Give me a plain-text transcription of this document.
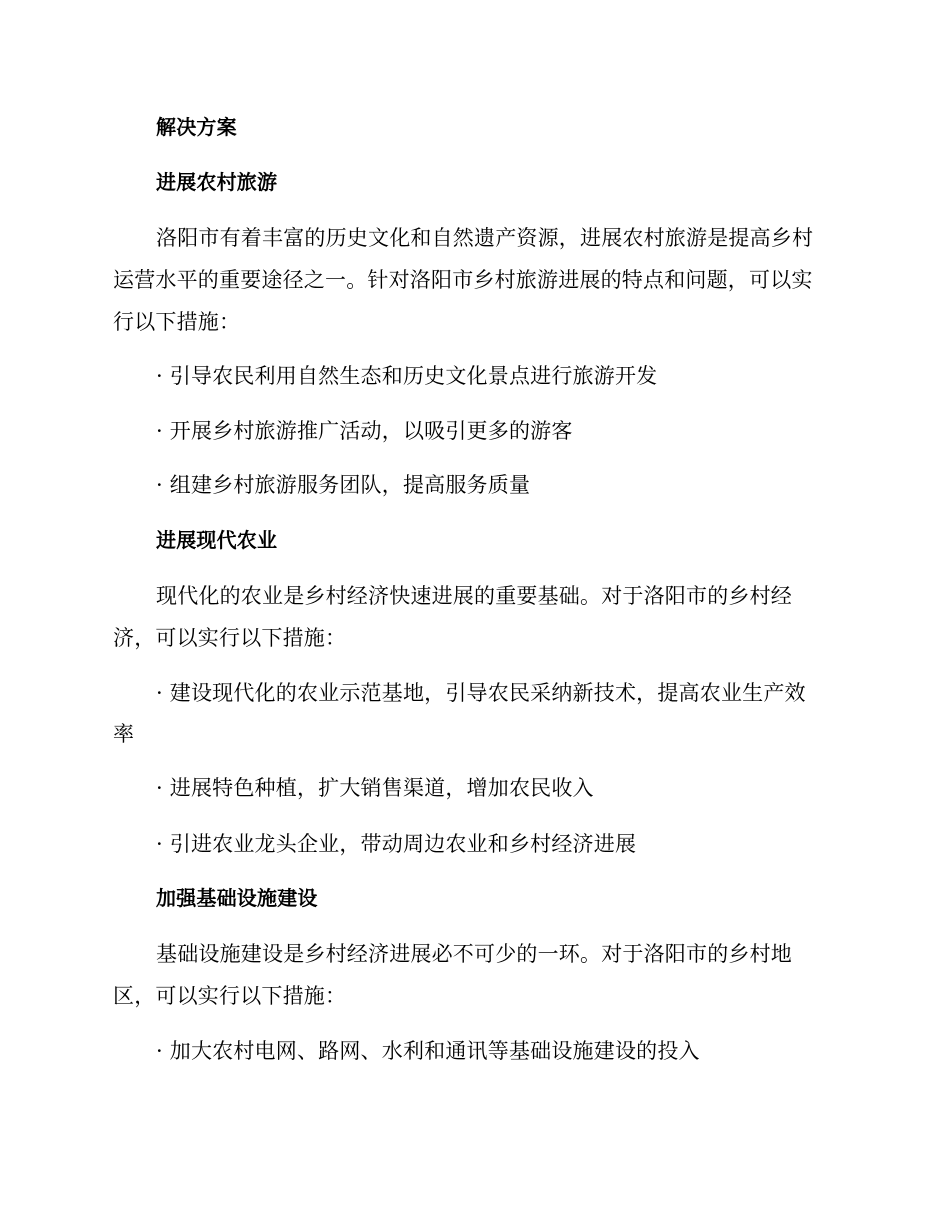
解决方案
进展农村旅游
洛阳市有着丰富的历史文化和自然遗产资源，进展农村旅游是提高乡村
运营水平的重要途径之一。针对洛阳市乡村旅游进展的特点和问题，可以实
行以下措施：
· 引导农民利用自然生态和历史文化景点进行旅游开发
· 开展乡村旅游推广活动，以吸引更多的游客
· 组建乡村旅游服务团队，提高服务质量
进展现代农业
现代化的农业是乡村经济快速进展的重要基础。对于洛阳市的乡村经
济，可以实行以下措施：
· 建设现代化的农业示范基地，引导农民采纳新技术，提高农业生产效
率
· 进展特色种植，扩大销售渠道，增加农民收入
· 引进农业龙头企业，带动周边农业和乡村经济进展
加强基础设施建设
基础设施建设是乡村经济进展必不可少的一环。对于洛阳市的乡村地
区，可以实行以下措施：
· 加大农村电网、路网、水利和通讯等基础设施建设的投入
